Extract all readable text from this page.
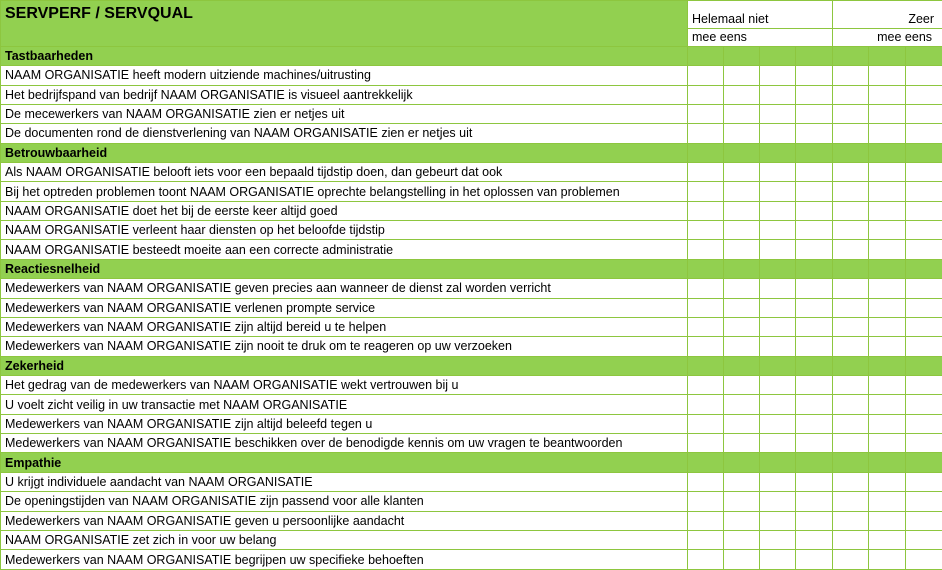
SERVPERF / SERVQUAL	Helemaal niet				Zeer		
	mee eens				mee eens		
Tastbaarheden							
NAAM ORGANISATIE heeft modern uitziende machines/uitrusting							
Het bedrijfspand van bedrijf NAAM ORGANISATIE is visueel aantrekkelijk							
De mecewerkers van NAAM ORGANISATIE zien er netjes uit							
De documenten rond de dienstverlening van NAAM ORGANISATIE zien er netjes uit							
Betrouwbaarheid							
Als NAAM ORGANISATIE belooft iets voor een bepaald tijdstip doen, dan gebeurt dat ook							
Bij het optreden problemen toont NAAM ORGANISATIE oprechte belangstelling in het oplossen van problemen							
NAAM ORGANISATIE doet het bij de eerste keer altijd goed							
NAAM ORGANISATIE verleent haar diensten op het beloofde tijdstip							
NAAM ORGANISATIE besteedt moeite aan een correcte administratie							
Reactiesnelheid							
Medewerkers van NAAM ORGANISATIE geven precies aan wanneer de dienst zal worden verricht							
Medewerkers van NAAM ORGANISATIE verlenen prompte service							
Medewerkers van NAAM ORGANISATIE zijn altijd bereid u te helpen							
Medewerkers van NAAM ORGANISATIE zijn nooit te druk om te reageren op uw verzoeken							
Zekerheid							
Het gedrag van de medewerkers van NAAM ORGANISATIE wekt vertrouwen bij u							
U voelt zicht veilig in uw transactie met NAAM ORGANISATIE							
Medewerkers van NAAM ORGANISATIE zijn altijd beleefd tegen u							
Medewerkers van NAAM ORGANISATIE beschikken over de benodigde kennis om uw vragen te beantwoorden							
Empathie							
U krijgt individuele aandacht van NAAM ORGANISATIE							
De openingstijden van NAAM ORGANISATIE zijn passend voor alle klanten							
Medewerkers van NAAM ORGANISATIE geven u persoonlijke aandacht							
NAAM ORGANISATIE zet zich in voor uw belang							
Medewerkers van NAAM ORGANISATIE begrijpen uw specifieke behoeften							
